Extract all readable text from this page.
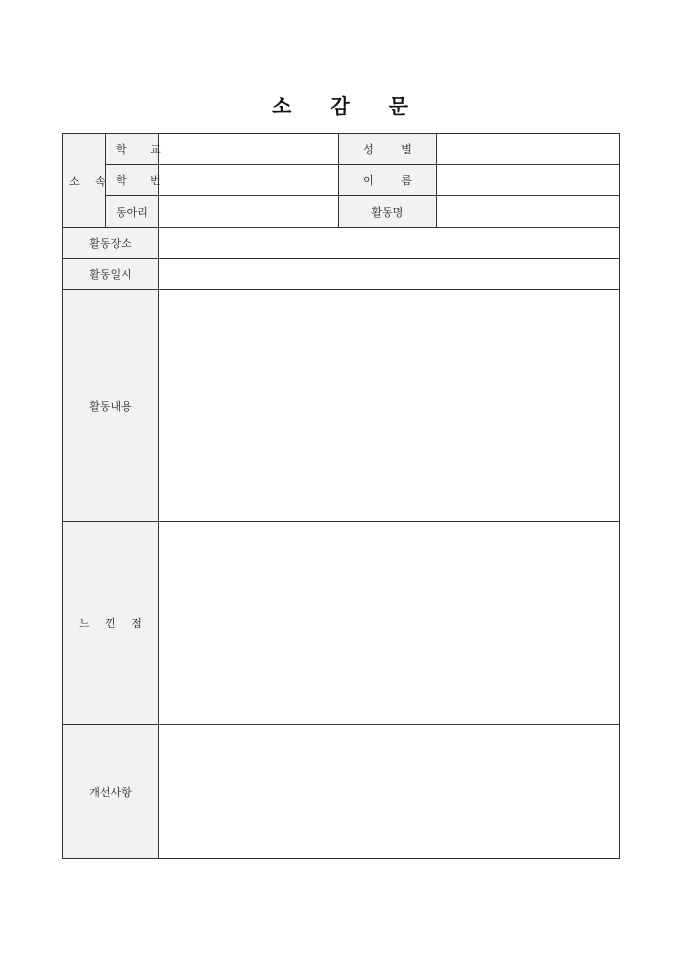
소 감 문
소 속	학 교		성 별	
	학 번		이 름	
	동아리		활동명	
활동장소				
활동일시				
활동내용				
느 낀 점				
개선사항				
